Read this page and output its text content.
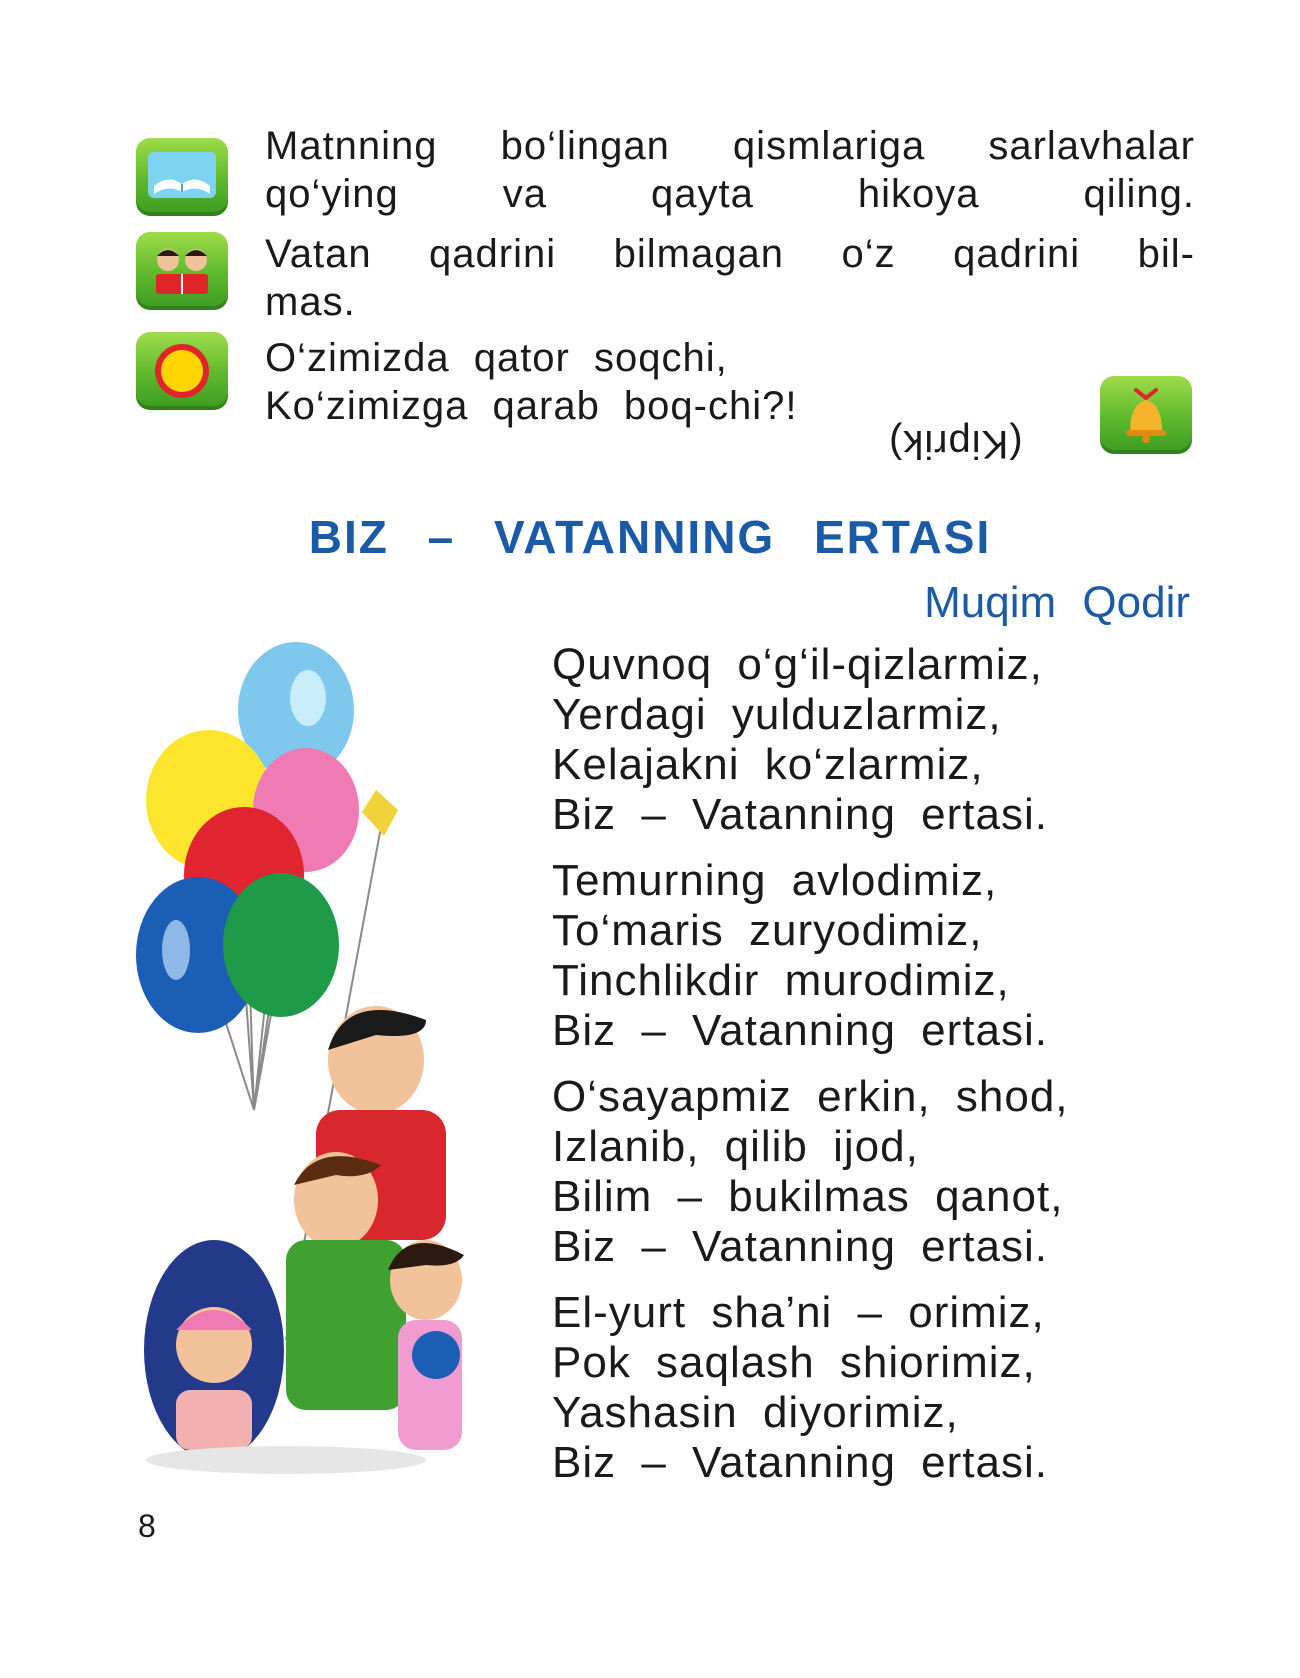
Matnning bo‘lingan qismlariga sarlavhalar qo‘ying va qayta hikoya qiling.

Vatan qadrini bilmagan o‘z qadrini bil-
mas.

O‘zimizda qator soqchi,
Ko‘zimizga qarab boq-chi?!

(Kiprik)
BIZ – VATANNING ERTASI
Muqim Qodir
Quvnoq o‘g‘il-qizlarmiz,
Yerdagi yulduzlarmiz,
Kelajakni ko‘zlarmiz,
Biz – Vatanning ertasi.
Temurning avlodimiz,
To‘maris zuryodimiz,
Tinchlikdir murodimiz,
Biz – Vatanning ertasi.
O‘sayapmiz erkin, shod,
Izlanib, qilib ijod,
Bilim – bukilmas qanot,
Biz – Vatanning ertasi.
El-yurt sha’ni – orimiz,
Pok saqlash shiorimiz,
Yashasin diyorimiz,
Biz – Vatanning ertasi.
8
